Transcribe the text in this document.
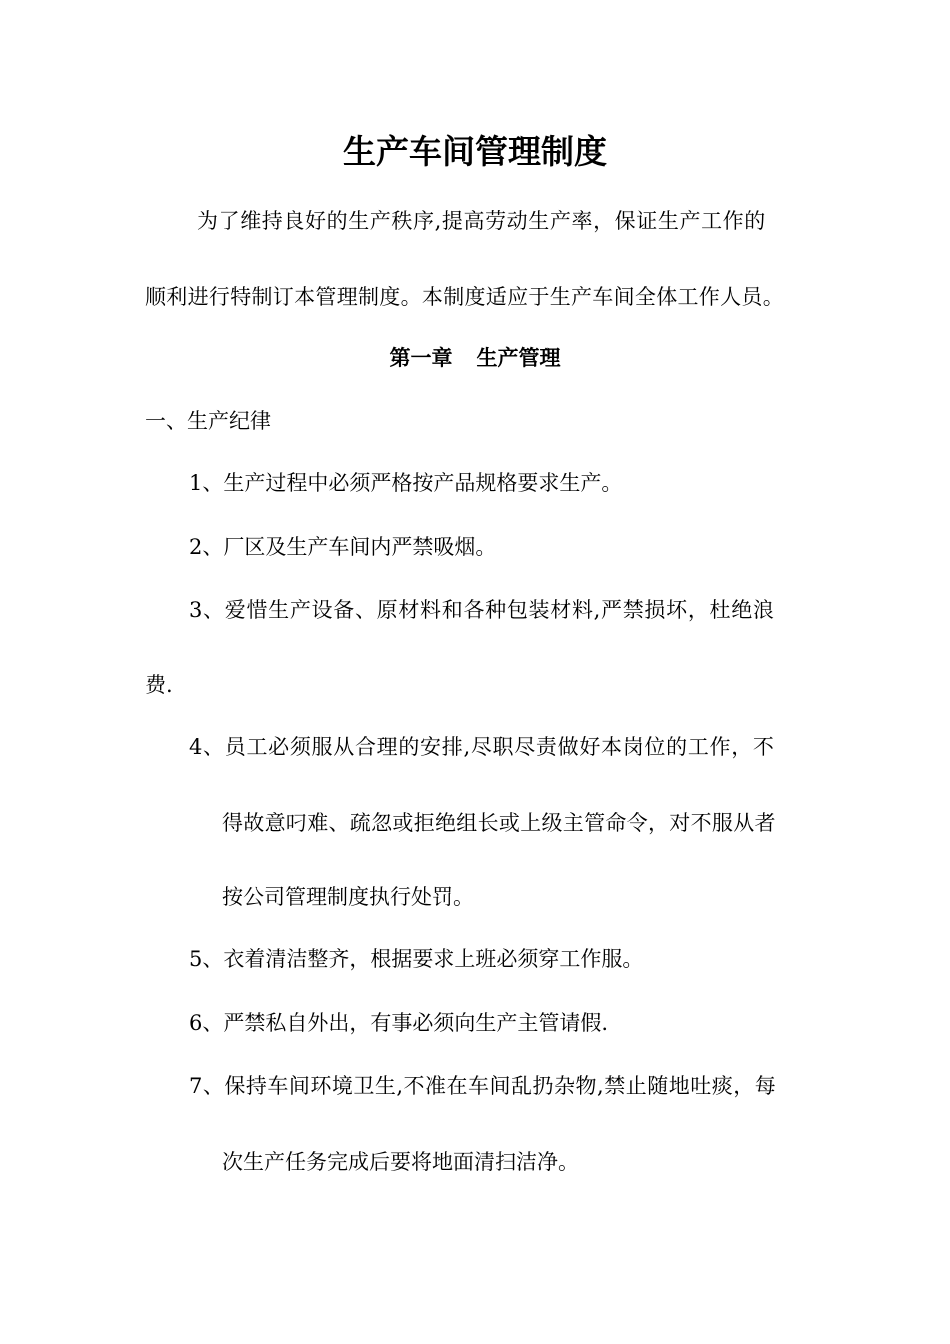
生产车间管理制度
为了维持良好的生产秩序,提高劳动生产率，保证生产工作的
顺利进行特制订本管理制度。本制度适应于生产车间全体工作人员。
第一章 生产管理
一、生产纪律
1、生产过程中必须严格按产品规格要求生产。
2、厂区及生产车间内严禁吸烟。
3、爱惜生产设备、原材料和各种包装材料,严禁损坏，杜绝浪
费.
4、员工必须服从合理的安排,尽职尽责做好本岗位的工作，不
得故意叼难、疏忽或拒绝组长或上级主管命令，对不服从者
按公司管理制度执行处罚。
5、衣着清洁整齐，根据要求上班必须穿工作服。
6、严禁私自外出，有事必须向生产主管请假.
7、保持车间环境卫生,不准在车间乱扔杂物,禁止随地吐痰，每
次生产任务完成后要将地面清扫洁净。
